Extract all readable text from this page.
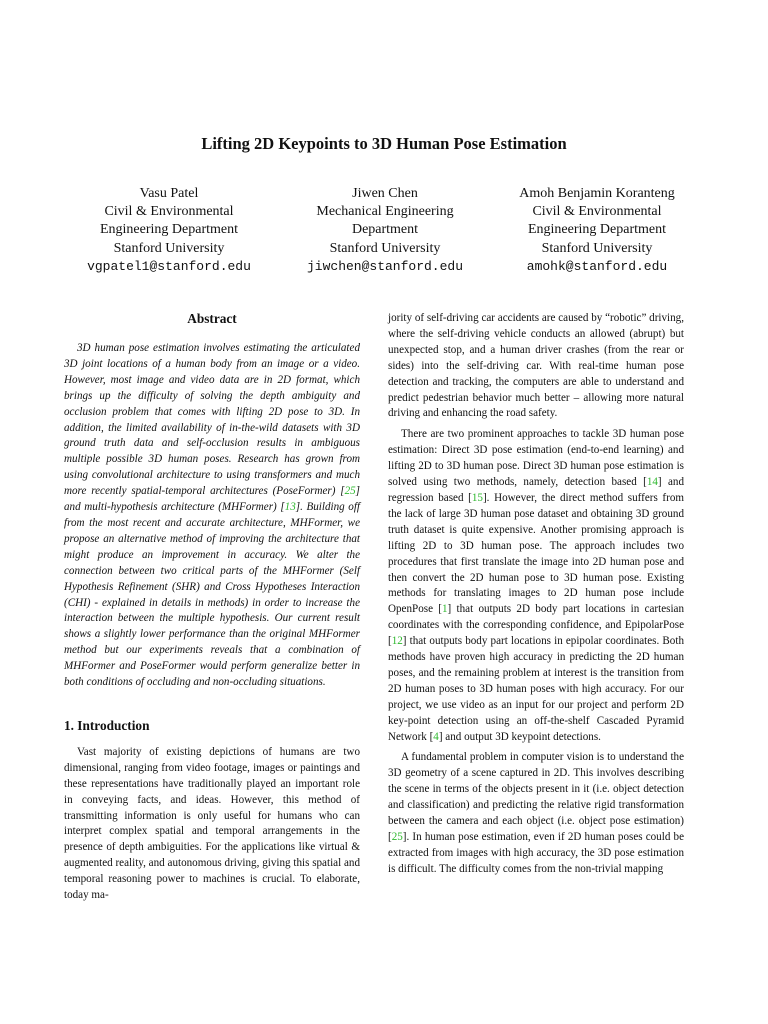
Lifting 2D Keypoints to 3D Human Pose Estimation
Vasu Patel
Civil & Environmental
Engineering Department
Stanford University
vgpatel1@stanford.edu
Jiwen Chen
Mechanical Engineering
Department
Stanford University
jiwchen@stanford.edu
Amoh Benjamin Koranteng
Civil & Environmental
Engineering Department
Stanford University
amohk@stanford.edu
Abstract

3D human pose estimation involves estimating the articulated 3D joint locations of a human body from an image or a video. However, most image and video data are in 2D format, which brings up the difficulty of solving the depth ambiguity and occlusion problem that comes with lifting 2D pose to 3D. In addition, the limited availability of in-the-wild datasets with 3D ground truth data and self-occlusion results in ambiguous multiple possible 3D human poses. Research has grown from using convolutional architecture to using transformers and much more recently spatial-temporal architectures (PoseFormer) [25] and multi-hypothesis architecture (MHFormer) [13]. Building off from the most recent and accurate architecture, MHFormer, we propose an alternative method of improving the architecture that might produce an improvement in accuracy. We alter the connection between two critical parts of the MHFormer (Self Hypothesis Refinement (SHR) and Cross Hypotheses Interaction (CHI) - explained in details in methods) in order to increase the interaction between the multiple hypothesis. Our current result shows a slightly lower performance than the original MHFormer method but our experiments reveals that a combination of MHFormer and PoseFormer would perform generalize better in both conditions of occluding and non-occluding situations.

1. Introduction

Vast majority of existing depictions of humans are two dimensional, ranging from video footage, images or paintings and these representations have traditionally played an important role in conveying facts, and ideas. However, this method of transmitting information is only useful for humans who can interpret complex spatial and temporal arrangements in the presence of depth ambiguities. For the applications like virtual & augmented reality, and autonomous driving, giving this spatial and temporal reasoning power to machines is crucial. To elaborate, today ma-

jority of self-driving car accidents are caused by “robotic” driving, where the self-driving vehicle conducts an allowed (abrupt) but unexpected stop, and a human driver crashes (from the rear or sides) into the self-driving car. With real-time human pose detection and tracking, the computers are able to understand and predict pedestrian behavior much better – allowing more natural driving and enhancing the road safety.

There are two prominent approaches to tackle 3D human pose estimation: Direct 3D pose estimation (end-to-end learning) and lifting 2D to 3D human pose. Direct 3D human pose estimation is solved using two methods, namely, detection based [14] and regression based [15]. However, the direct method suffers from the lack of large 3D human pose dataset and obtaining 3D ground truth dataset is quite expensive. Another promising approach is lifting 2D to 3D human pose. The approach includes two procedures that first translate the image into 2D human pose and then convert the 2D human pose to 3D human pose. Existing methods for translating images to 2D human pose include OpenPose [1] that outputs 2D body part locations in cartesian coordinates with the corresponding confidence, and EpipolarPose [12] that outputs body part locations in epipolar coordinates. Both methods have proven high accuracy in predicting the 2D human poses, and the remaining problem at interest is the transition from 2D human poses to 3D human poses with high accuracy. For our project, we use video as an input for our project and perform 2D key-point detection using an off-the-shelf Cascaded Pyramid Network [4] and output 3D keypoint detections.

A fundamental problem in computer vision is to understand the 3D geometry of a scene captured in 2D. This involves describing the scene in terms of the objects present in it (i.e. object detection and classification) and predicting the relative rigid transformation between the camera and each object (i.e. object pose estimation) [25]. In human pose estimation, even if 2D human poses could be extracted from images with high accuracy, the 3D pose estimation is difficult. The difficulty comes from the non-trivial mapping
